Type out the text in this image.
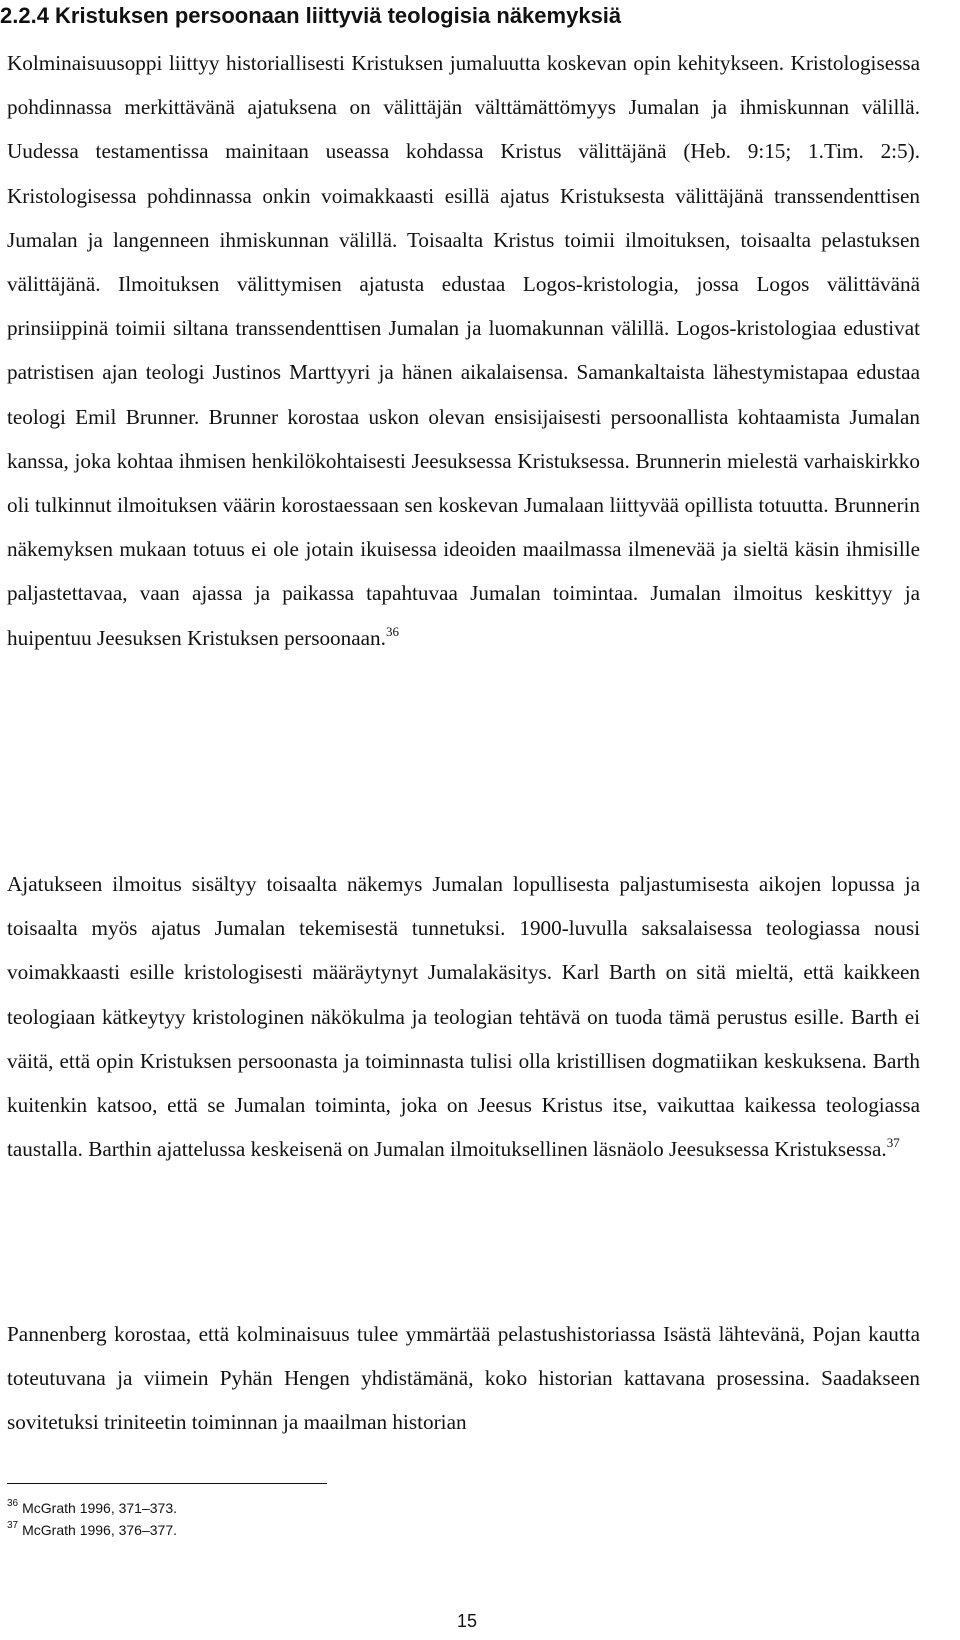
2.2.4 Kristuksen persoonaan liittyviä teologisia näkemyksiä

Kolminaisuusoppi liittyy historiallisesti Kristuksen jumaluutta koskevan opin kehitykseen. Kristologisessa pohdinnassa merkittävänä ajatuksena on välittäjän välttämättömyys Jumalan ja ihmiskunnan välillä. Uudessa testamentissa mainitaan useassa kohdassa Kristus välittäjänä (Heb. 9:15; 1.Tim. 2:5). Kristologisessa pohdinnassa onkin voimakkaasti esillä ajatus Kristuksesta välittäjänä transsendenttisen Jumalan ja langenneen ihmiskunnan välillä. Toisaalta Kristus toimii ilmoituksen, toisaalta pelastuksen välittäjänä. Ilmoituksen välittymisen ajatusta edustaa Logos-kristologia, jossa Logos välittävänä prinsiippinä toimii siltana transsendenttisen Jumalan ja luomakunnan välillä. Logos-kristologiaa edustivat patristisen ajan teologi Justinos Marttyyri ja hänen aikalaisensa. Samankaltaista lähestymistapaa edustaa teologi Emil Brunner. Brunner korostaa uskon olevan ensisijaisesti persoonallista kohtaamista Jumalan kanssa, joka kohtaa ihmisen henkilökohtaisesti Jeesuksessa Kristuksessa. Brunnerin mielestä varhaiskirkko oli tulkinnut ilmoituksen väärin korostaessaan sen koskevan Jumalaan liittyvää opillista totuutta. Brunnerin näkemyksen mukaan totuus ei ole jotain ikuisessa ideoiden maailmassa ilmenevää ja sieltä käsin ihmisille paljastettavaa, vaan ajassa ja paikassa tapahtuvaa Jumalan toimintaa. Jumalan ilmoitus keskittyy ja huipentuu Jeesuksen Kristuksen persoonaan.$^{36}$

Ajatukseen ilmoitus sisältyy toisaalta näkemys Jumalan lopullisesta paljastumisesta aikojen lopussa ja toisaalta myös ajatus Jumalan tekemisestä tunnetuksi. 1900-luvulla saksalaisessa teologiassa nousi voimakkaasti esille kristologisesti määräytynyt Jumalakäsitys. Karl Barth on sitä mieltä, että kaikkeen teologiaan kätkeytyy kristologinen näkökulma ja teologian tehtävä on tuoda tämä perustus esille. Barth ei väitä, että opin Kristuksen persoonasta ja toiminnasta tulisi olla kristillisen dogmatiikan keskuksena. Barth kuitenkin katsoo, että se Jumalan toiminta, joka on Jeesus Kristus itse, vaikuttaa kaikessa teologiassa taustalla. Barthin ajattelussa keskeisenä on Jumalan ilmoituksellinen läsnäolo Jeesuksessa Kristuksessa.$^{37}$

Pannenberg korostaa, että kolminaisuus tulee ymmärtää pelastushistoriassa Isästä lähtevänä, Pojan kautta toteutuvana ja viimein Pyhän Hengen yhdistämänä, koko historian kattavana prosessina. Saadakseen sovitetuksi triniteetin toiminnan ja maailman historian

$^{36}$ McGrath 1996, 371–373.

$^{37}$ McGrath 1996, 376–377.

15
